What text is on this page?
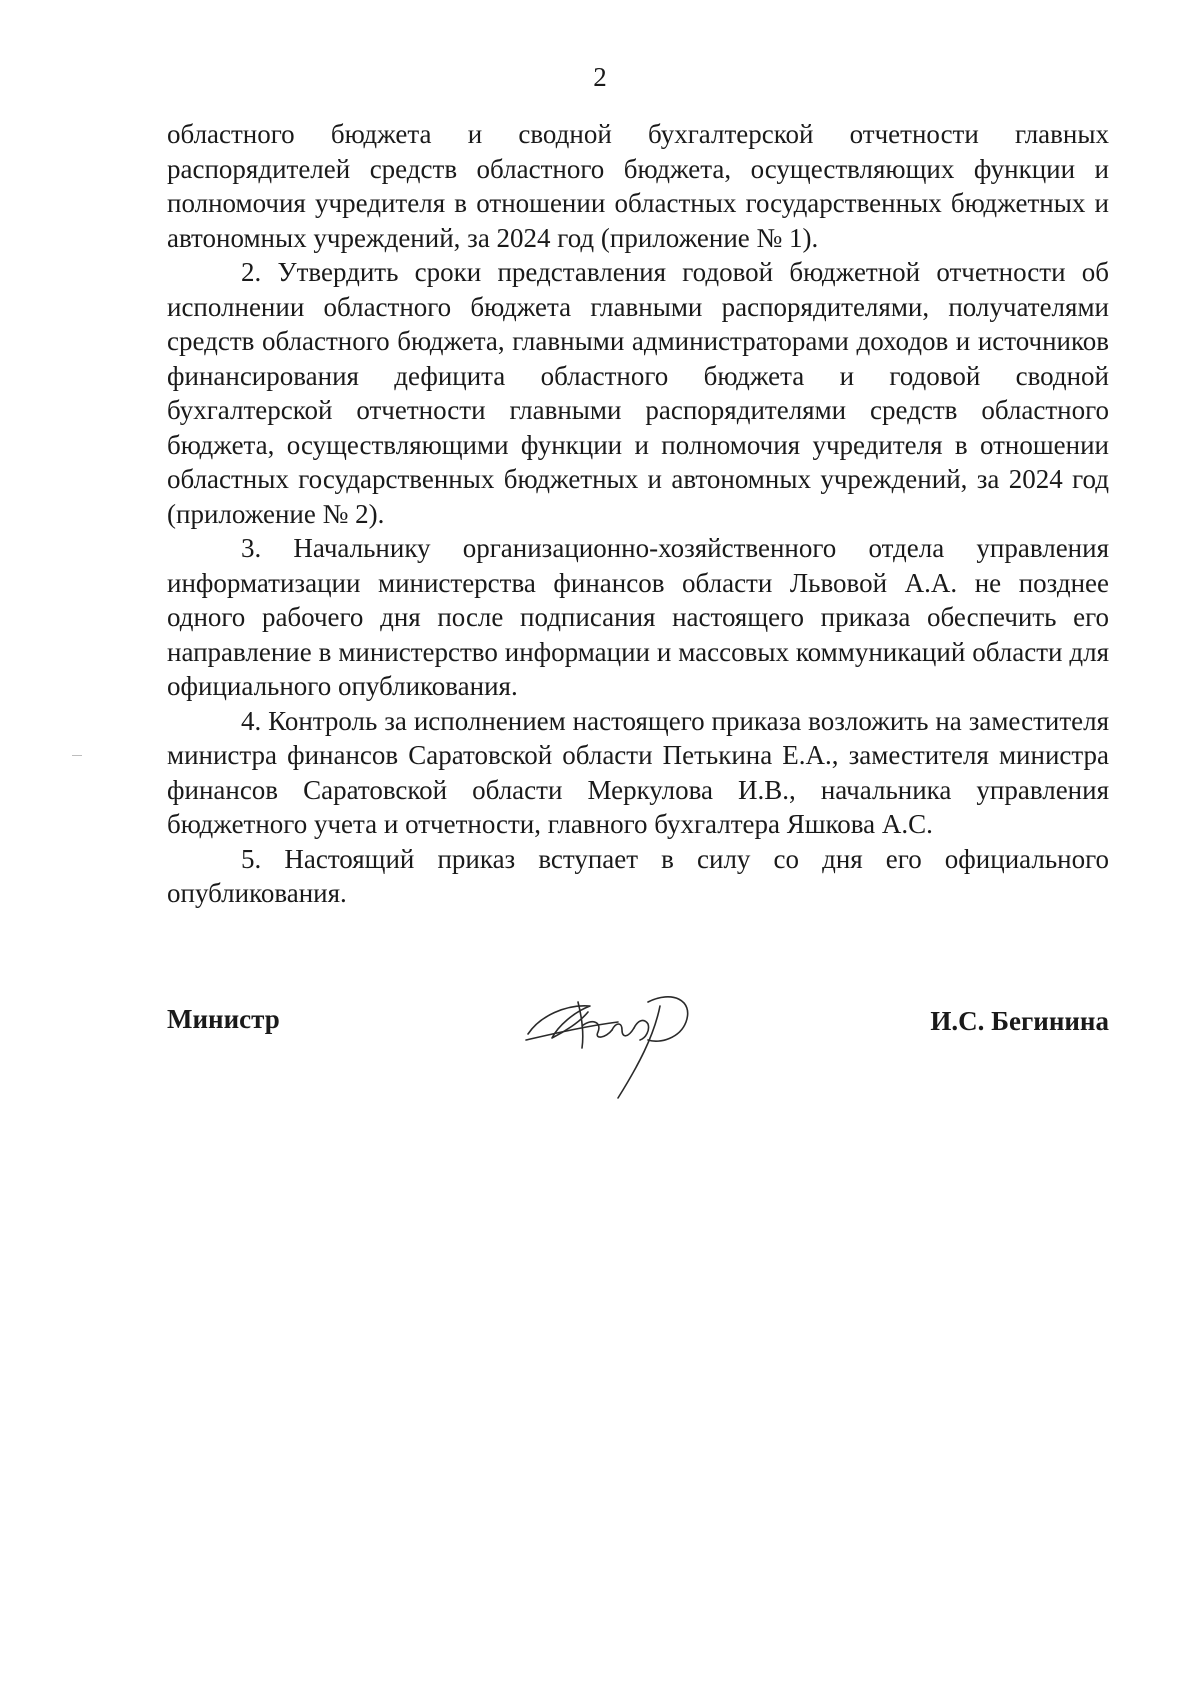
2

областного бюджета и сводной бухгалтерской отчетности главных распорядителей средств областного бюджета, осуществляющих функции и полномочия учредителя в отношении областных государственных бюджетных и автономных учреждений, за 2024 год (приложение № 1).

2. Утвердить сроки представления годовой бюджетной отчетности об исполнении областного бюджета главными распорядителями, получателями средств областного бюджета, главными администраторами доходов и источников финансирования дефицита областного бюджета и годовой сводной бухгалтерской отчетности главными распорядителями средств областного бюджета, осуществляющими функции и полномочия учредителя в отношении областных государственных бюджетных и автономных учреждений, за 2024 год (приложение № 2).

3. Начальнику организационно-хозяйственного отдела управления информатизации министерства финансов области Львовой А.А. не позднее одного рабочего дня после подписания настоящего приказа обеспечить его направление в министерство информации и массовых коммуникаций области для официального опубликования.

4. Контроль за исполнением настоящего приказа возложить на заместителя министра финансов Саратовской области Петькина Е.А., заместителя министра финансов Саратовской области Меркулова И.В., начальника управления бюджетного учета и отчетности, главного бухгалтера Яшкова А.С.

5. Настоящий приказ вступает в силу со дня его официального опубликования.

Министр	И.С. Бегинина
